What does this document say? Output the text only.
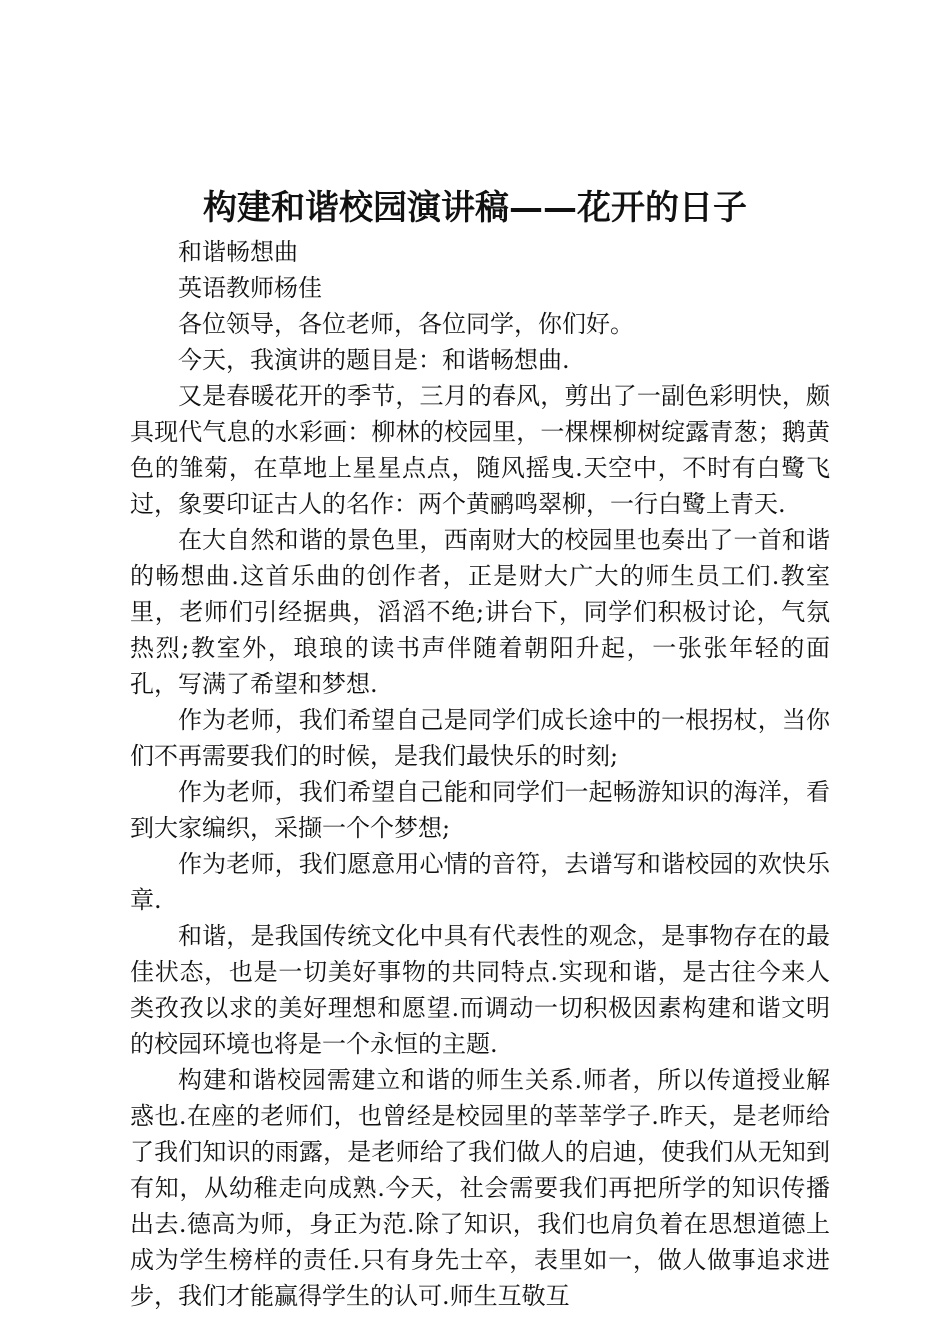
构建和谐校园演讲稿——花开的日子

和谐畅想曲

英语教师杨佳

各位领导，各位老师，各位同学，你们好。

今天，我演讲的题目是：和谐畅想曲.

又是春暖花开的季节，三月的春风，剪出了一副色彩明快，颇具现代气息的水彩画：柳林的校园里，一棵棵柳树绽露青葱；鹅黄色的雏菊，在草地上星星点点，随风摇曳.天空中，不时有白鹭飞过，象要印证古人的名作：两个黄鹂鸣翠柳，一行白鹭上青天.

在大自然和谐的景色里，西南财大的校园里也奏出了一首和谐的畅想曲.这首乐曲的创作者，正是财大广大的师生员工们.教室里，老师们引经据典，滔滔不绝;讲台下，同学们积极讨论，气氛热烈;教室外，琅琅的读书声伴随着朝阳升起，一张张年轻的面孔，写满了希望和梦想.

作为老师，我们希望自己是同学们成长途中的一根拐杖，当你们不再需要我们的时候，是我们最快乐的时刻;

作为老师，我们希望自己能和同学们一起畅游知识的海洋，看到大家编织，采撷一个个梦想;

作为老师，我们愿意用心情的音符，去谱写和谐校园的欢快乐章.

和谐，是我国传统文化中具有代表性的观念，是事物存在的最佳状态，也是一切美好事物的共同特点.实现和谐，是古往今来人类孜孜以求的美好理想和愿望.而调动一切积极因素构建和谐文明的校园环境也将是一个永恒的主题.

构建和谐校园需建立和谐的师生关系.师者，所以传道授业解惑也.在座的老师们，也曾经是校园里的莘莘学子.昨天，是老师给了我们知识的雨露，是老师给了我们做人的启迪，使我们从无知到有知，从幼稚走向成熟.今天，社会需要我们再把所学的知识传播出去.德高为师，身正为范.除了知识，我们也肩负着在思想道德上成为学生榜样的责任.只有身先士卒，表里如一，做人做事追求进步，我们才能赢得学生的认可.师生互敬互
